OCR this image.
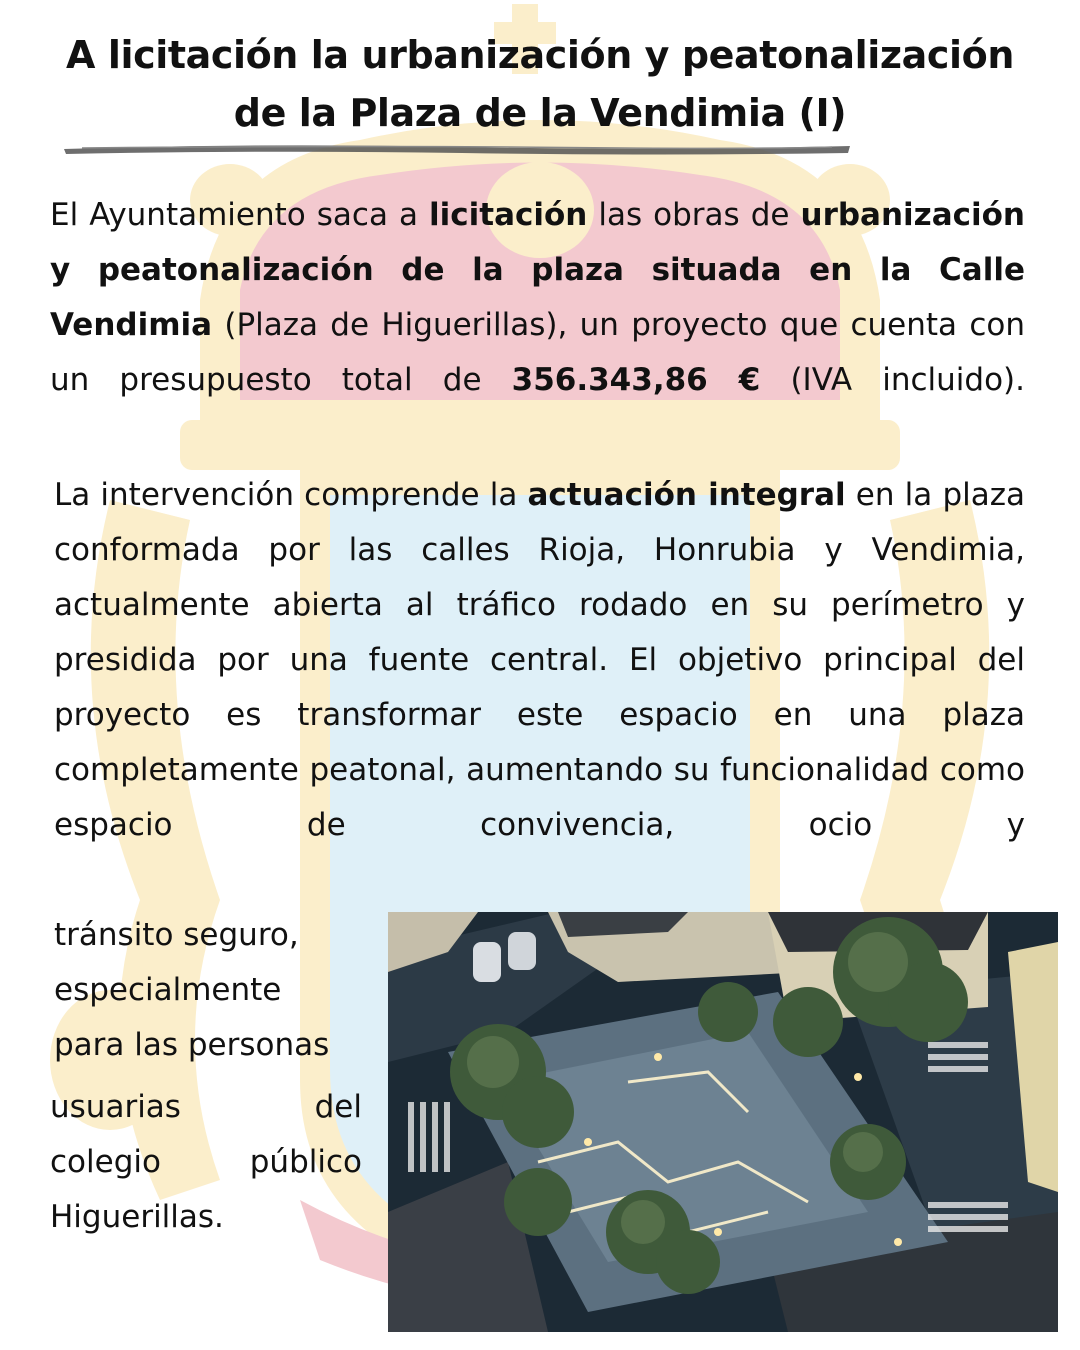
A licitación la urbanización y peatonalización
de la Plaza de la Vendimia (I)

El Ayuntamiento saca a licitación las obras de urbanización y peatonalización de la plaza situada en la Calle Vendimia (Plaza de Higuerillas), un proyecto que cuenta con un presupuesto total de 356.343,86 € (IVA incluido).

La intervención comprende la actuación integral en la plaza conformada por las calles Rioja, Honrubia y Vendimia, actualmente abierta al tráfico rodado en su perímetro y presidida por una fuente central. El objetivo principal del proyecto es transformar este espacio en una plaza completamente peatonal, aumentando su funcionalidad como espacio de convivencia, ocio y

tránsito seguro,
especialmente
para las personas
usuarias del
colegio público
Higuerillas.
